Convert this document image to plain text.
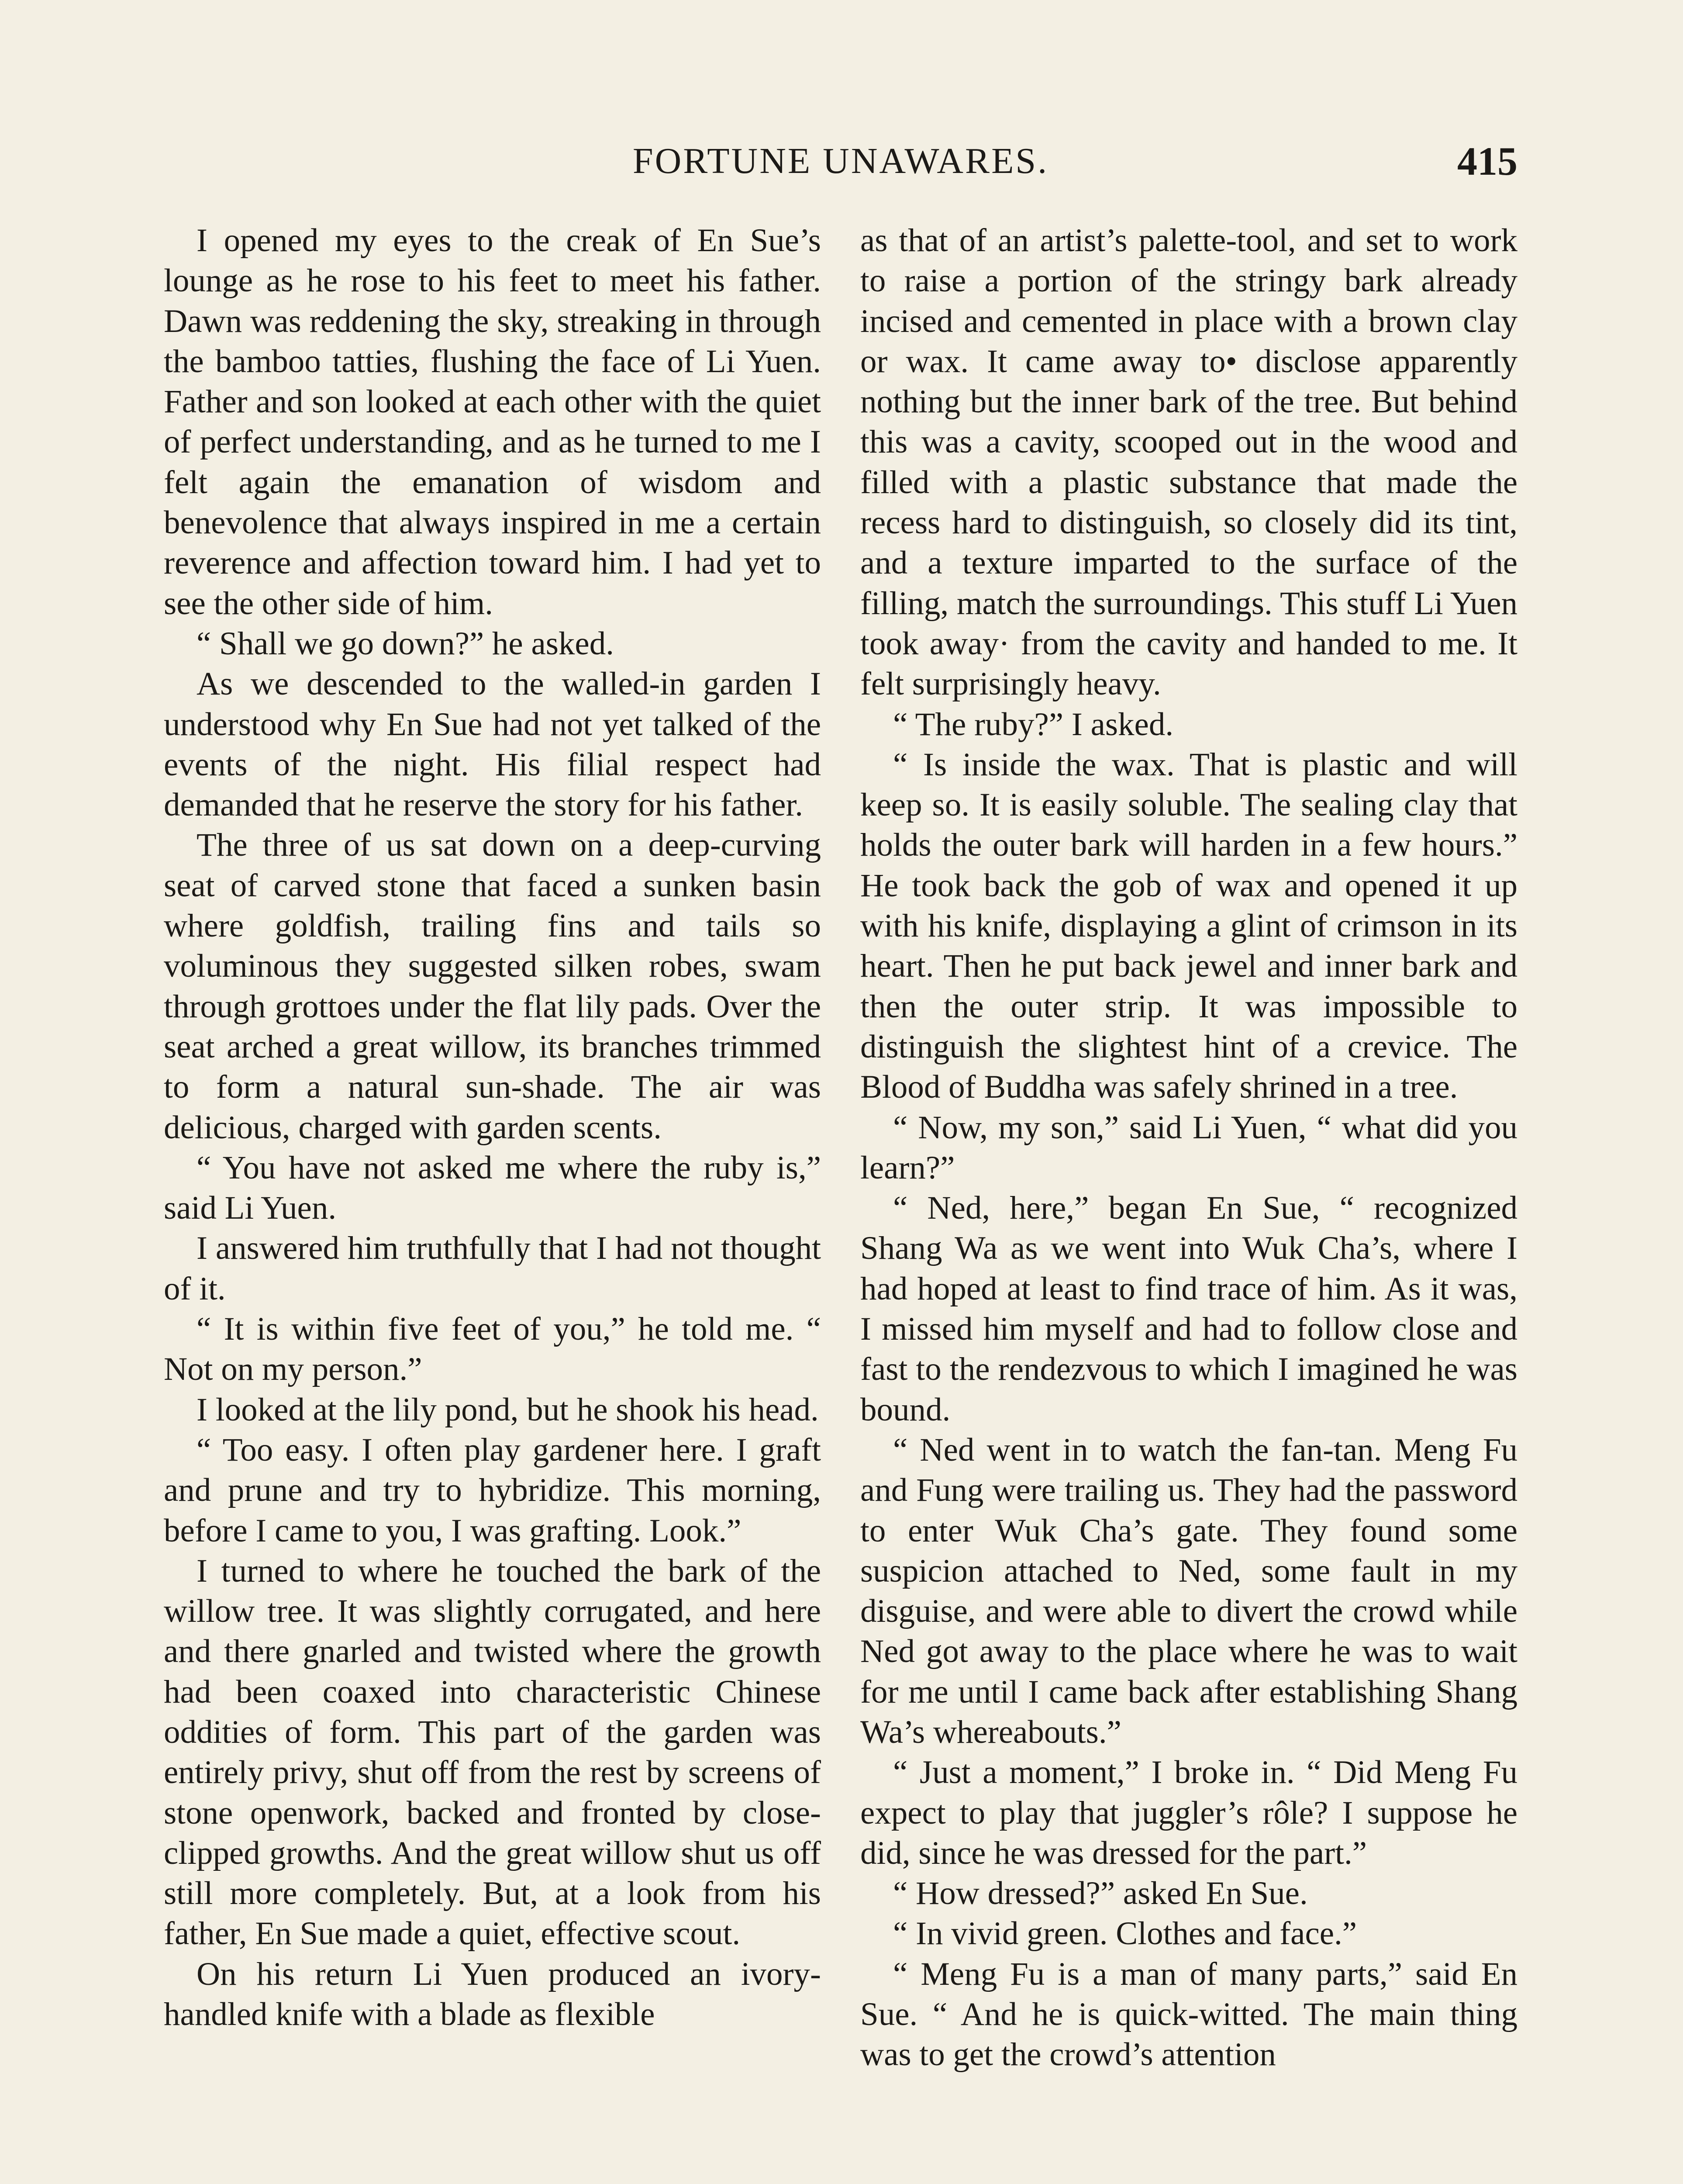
FORTUNE UNAWARES.	415

I opened my eyes to the creak of En Sue’s lounge as he rose to his feet to meet his father. Dawn was reddening the sky, streaking in through the bamboo tatties, flushing the face of Li Yuen. Father and son looked at each other with the quiet of perfect understanding, and as he turned to me I felt again the emanation of wisdom and benevolence that always inspired in me a certain reverence and affection toward him. I had yet to see the other side of him.

“ Shall we go down?” he asked.

As we descended to the walled-in garden I understood why En Sue had not yet talked of the events of the night. His filial respect had demanded that he reserve the story for his father.

The three of us sat down on a deep-curving seat of carved stone that faced a sunken basin where goldfish, trailing fins and tails so voluminous they suggested silken robes, swam through grottoes under the flat lily pads. Over the seat arched a great willow, its branches trimmed to form a natural sun-shade. The air was delicious, charged with garden scents.

“ You have not asked me where the ruby is,” said Li Yuen.

I answered him truthfully that I had not thought of it.

“ It is within five feet of you,” he told me. “ Not on my person.”

I looked at the lily pond, but he shook his head.

“ Too easy. I often play gardener here. I graft and prune and try to hybridize. This morning, before I came to you, I was grafting. Look.”

I turned to where he touched the bark of the willow tree. It was slightly corrugated, and here and there gnarled and twisted where the growth had been coaxed into characteristic Chinese oddities of form. This part of the garden was entirely privy, shut off from the rest by screens of stone openwork, backed and fronted by close-clipped growths. And the great willow shut us off still more completely. But, at a look from his father, En Sue made a quiet, effective scout.

On his return Li Yuen produced an ivory-handled knife with a blade as flexible

as that of an artist’s palette-tool, and set to work to raise a portion of the stringy bark already incised and cemented in place with a brown clay or wax. It came away to• disclose apparently nothing but the inner bark of the tree. But behind this was a cavity, scooped out in the wood and filled with a plastic substance that made the recess hard to distinguish, so closely did its tint, and a texture imparted to the surface of the filling, match the surroundings. This stuff Li Yuen took away· from the cavity and handed to me. It felt surprisingly heavy.

“ The ruby?” I asked.

“ Is inside the wax. That is plastic and will keep so. It is easily soluble. The sealing clay that holds the outer bark will harden in a few hours.” He took back the gob of wax and opened it up with his knife, displaying a glint of crimson in its heart. Then he put back jewel and inner bark and then the outer strip. It was impossible to distinguish the slightest hint of a crevice. The Blood of Buddha was safely shrined in a tree.

“ Now, my son,” said Li Yuen, “ what did you learn?”

“ Ned, here,” began En Sue, “ recognized Shang Wa as we went into Wuk Cha’s, where I had hoped at least to find trace of him. As it was, I missed him myself and had to follow close and fast to the rendezvous to which I imagined he was bound.

“ Ned went in to watch the fan-tan. Meng Fu and Fung were trailing us. They had the password to enter Wuk Cha’s gate. They found some suspicion attached to Ned, some fault in my disguise, and were able to divert the crowd while Ned got away to the place where he was to wait for me until I came back after establishing Shang Wa’s whereabouts.”

“ Just a moment,” I broke in. “ Did Meng Fu expect to play that juggler’s rôle? I suppose he did, since he was dressed for the part.”

“ How dressed?” asked En Sue.

“ In vivid green. Clothes and face.”

“ Meng Fu is a man of many parts,” said En Sue. “ And he is quick-witted. The main thing was to get the crowd’s attention
